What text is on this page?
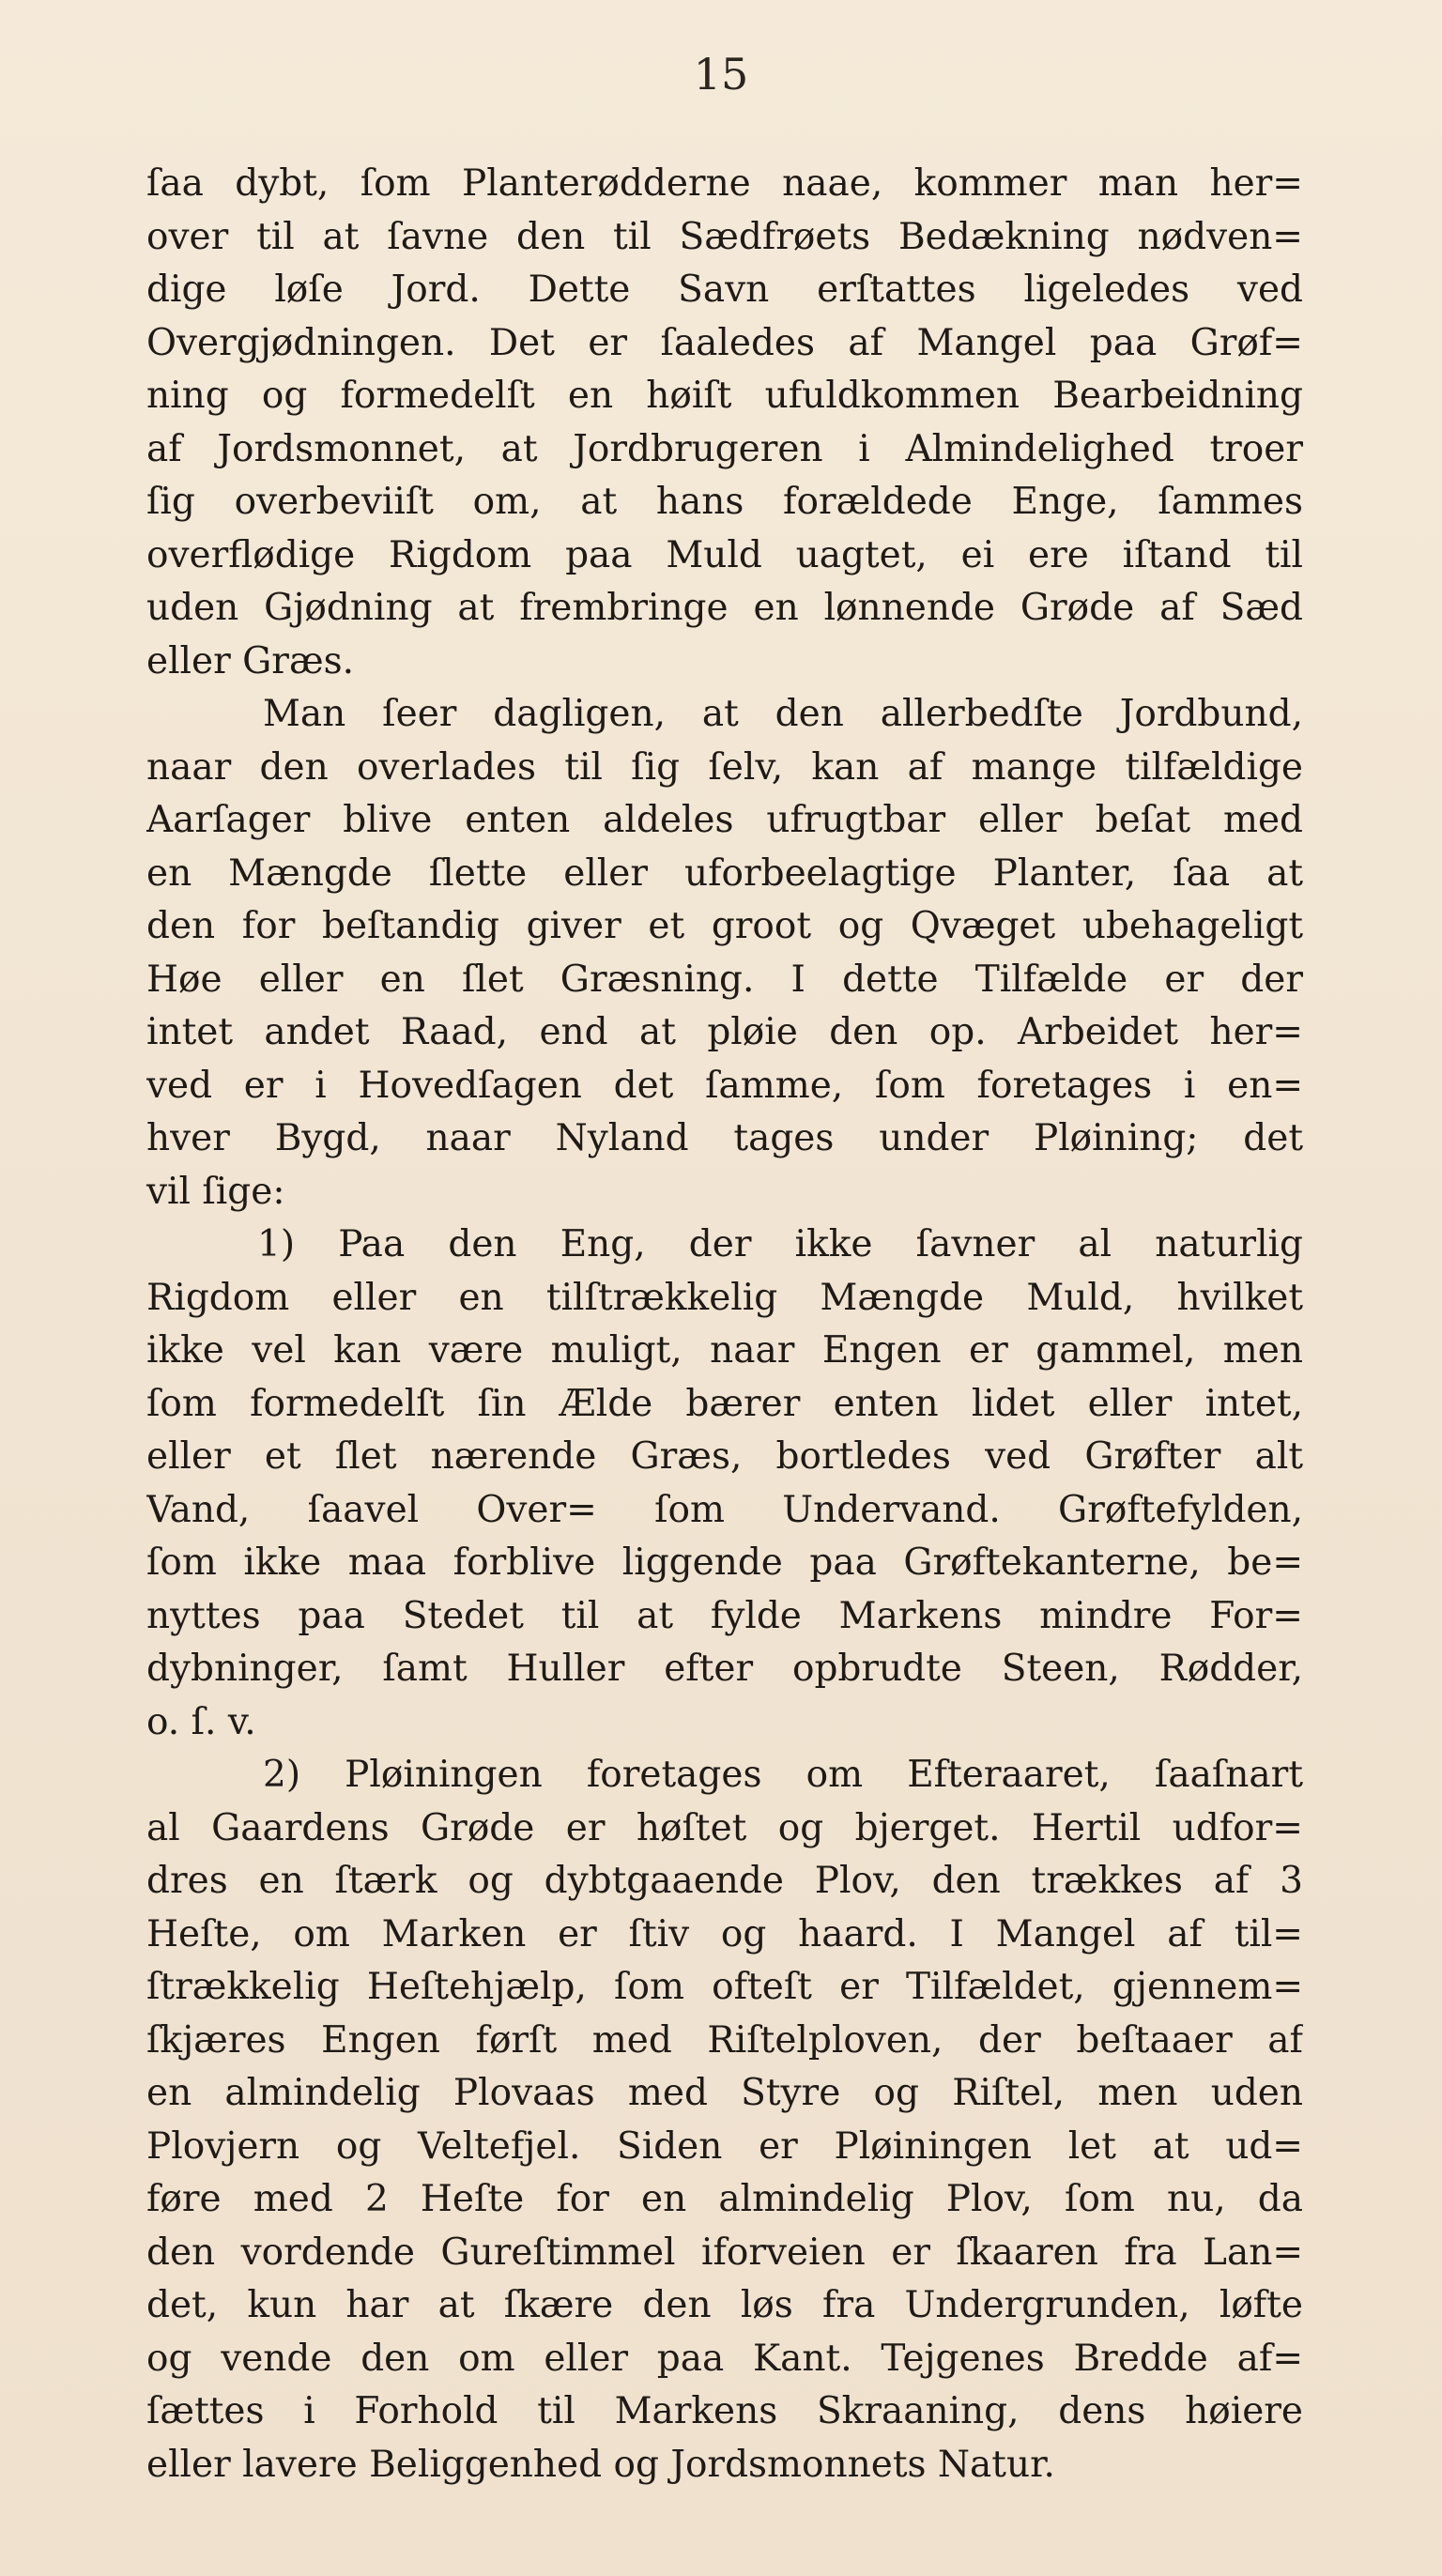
15
ſaa dybt, ſom Planterødderne naae, kommer man her=
over til at ſavne den til Sædfrøets Bedækning nødven=
dige løſe Jord. Dette Savn erſtattes ligeledes ved
Overgjødningen. Det er ſaaledes af Mangel paa Grøf=
ning og formedelſt en høiſt ufuldkommen Bearbeidning
af Jordsmonnet, at Jordbrugeren i Almindelighed troer
ſig overbeviiſt om, at hans forældede Enge, ſammes
overflødige Rigdom paa Muld uagtet, ei ere iſtand til
uden Gjødning at frembringe en lønnende Grøde af Sæd
eller Græs.
Man ſeer dagligen, at den allerbedſte Jordbund,
naar den overlades til ſig ſelv, kan af mange tilfældige
Aarſager blive enten aldeles ufrugtbar eller beſat med
en Mængde ſlette eller uforbeelagtige Planter, ſaa at
den for beſtandig giver et groot og Qvæget ubehageligt
Høe eller en ſlet Græsning. I dette Tilfælde er der
intet andet Raad, end at pløie den op. Arbeidet her=
ved er i Hovedſagen det ſamme, ſom foretages i en=
hver Bygd, naar Nyland tages under Pløining; det
vil ſige:
1) Paa den Eng, der ikke ſavner al naturlig
Rigdom eller en tilſtrækkelig Mængde Muld, hvilket
ikke vel kan være muligt, naar Engen er gammel, men
ſom formedelſt ſin Ælde bærer enten lidet eller intet,
eller et ſlet nærende Græs, bortledes ved Grøfter alt
Vand, ſaavel Over= ſom Undervand. Grøftefylden,
ſom ikke maa forblive liggende paa Grøftekanterne, be=
nyttes paa Stedet til at fylde Markens mindre For=
dybninger, ſamt Huller efter opbrudte Steen, Rødder,
o. ſ. v.
2) Pløiningen foretages om Efteraaret, ſaaſnart
al Gaardens Grøde er høſtet og bjerget. Hertil udfor=
dres en ſtærk og dybtgaaende Plov, den trækkes af 3
Heſte, om Marken er ſtiv og haard. I Mangel af til=
ſtrækkelig Heſtehjælp, ſom ofteſt er Tilfældet, gjennem=
ſkjæres Engen førſt med Riſtelploven, der beſtaaer af
en almindelig Plovaas med Styre og Riſtel, men uden
Plovjern og Veltefjel. Siden er Pløiningen let at ud=
føre med 2 Heſte for en almindelig Plov, ſom nu, da
den vordende Gureſtimmel iforveien er ſkaaren fra Lan=
det, kun har at ſkære den løs fra Undergrunden, løfte
og vende den om eller paa Kant. Tejgenes Bredde af=
ſættes i Forhold til Markens Skraaning, dens høiere
eller lavere Beliggenhed og Jordsmonnets Natur.
